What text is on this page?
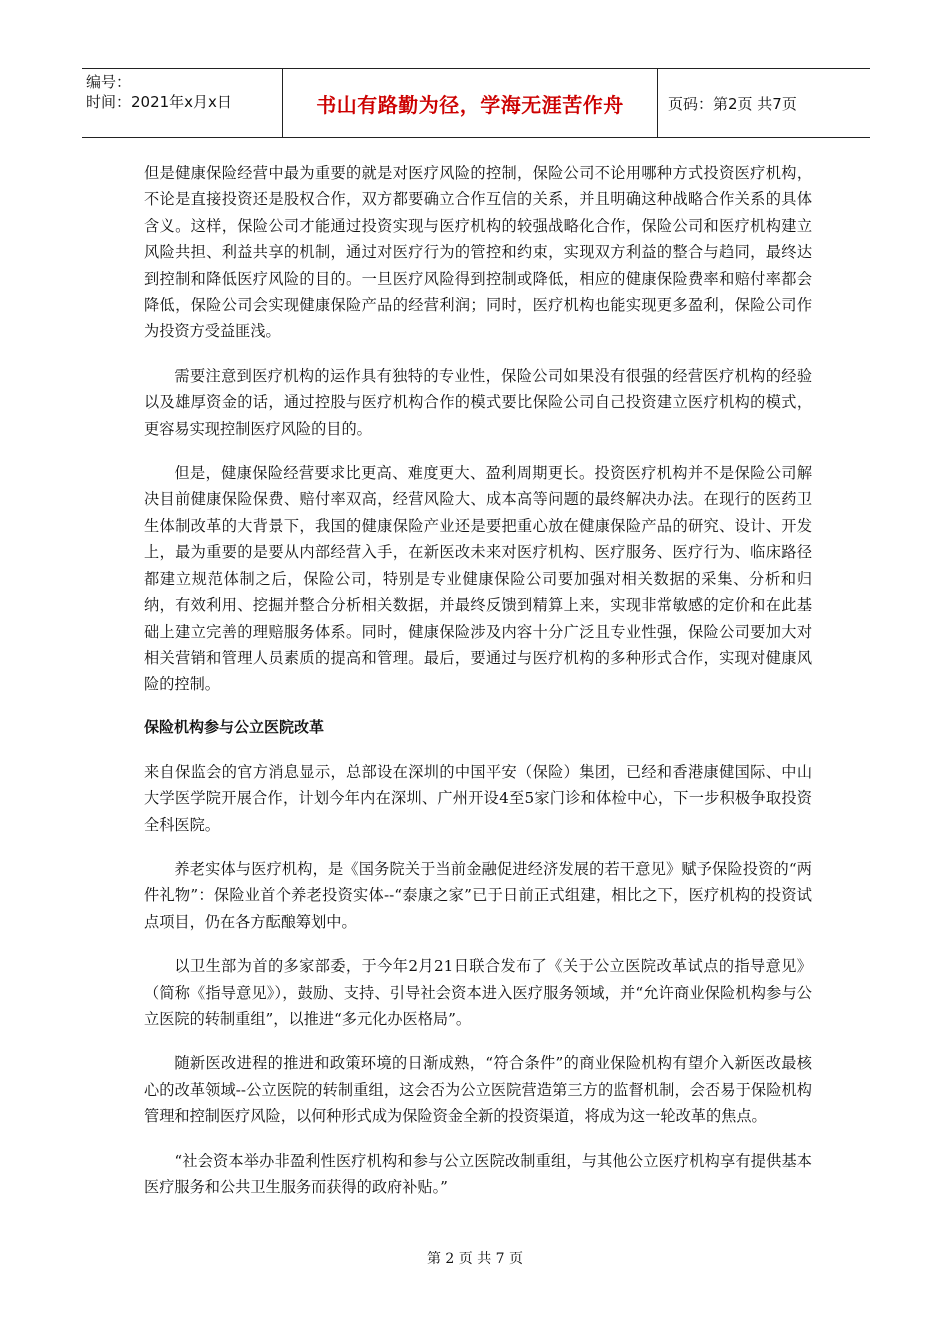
编号：
时间：2021年x月x日	书山有路勤为径，学海无涯苦作舟	页码：第2页 共7页

但是健康保险经营中最为重要的就是对医疗风险的控制，保险公司不论用哪种方式投资医疗机构，不论是直接投资还是股权合作，双方都要确立合作互信的关系，并且明确这种战略合作关系的具体含义。这样，保险公司才能通过投资实现与医疗机构的较强战略化合作，保险公司和医疗机构建立风险共担、利益共享的机制，通过对医疗行为的管控和约束，实现双方利益的整合与趋同，最终达到控制和降低医疗风险的目的。一旦医疗风险得到控制或降低，相应的健康保险费率和赔付率都会降低，保险公司会实现健康保险产品的经营利润；同时，医疗机构也能实现更多盈利，保险公司作为投资方受益匪浅。

需要注意到医疗机构的运作具有独特的专业性，保险公司如果没有很强的经营医疗机构的经验以及雄厚资金的话，通过控股与医疗机构合作的模式要比保险公司自己投资建立医疗机构的模式，更容易实现控制医疗风险的目的。

但是，健康保险经营要求比更高、难度更大、盈利周期更长。投资医疗机构并不是保险公司解决目前健康保险保费、赔付率双高，经营风险大、成本高等问题的最终解决办法。在现行的医药卫生体制改革的大背景下，我国的健康保险产业还是要把重心放在健康保险产品的研究、设计、开发上，最为重要的是要从内部经营入手，在新医改未来对医疗机构、医疗服务、医疗行为、临床路径都建立规范体制之后，保险公司，特别是专业健康保险公司要加强对相关数据的采集、分析和归纳，有效利用、挖掘并整合分析相关数据，并最终反馈到精算上来，实现非常敏感的定价和在此基础上建立完善的理赔服务体系。同时，健康保险涉及内容十分广泛且专业性强，保险公司要加大对相关营销和管理人员素质的提高和管理。最后，要通过与医疗机构的多种形式合作，实现对健康风险的控制。

保险机构参与公立医院改革

来自保监会的官方消息显示，总部设在深圳的中国平安（保险）集团，已经和香港康健国际、中山大学医学院开展合作，计划今年内在深圳、广州开设4至5家门诊和体检中心，下一步积极争取投资全科医院。

养老实体与医疗机构，是《国务院关于当前金融促进经济发展的若干意见》赋予保险投资的“两件礼物”：保险业首个养老投资实体--“泰康之家”已于日前正式组建，相比之下，医疗机构的投资试点项目，仍在各方酝酿筹划中。

以卫生部为首的多家部委，于今年2月21日联合发布了《关于公立医院改革试点的指导意见》（简称《指导意见》），鼓励、支持、引导社会资本进入医疗服务领域，并“允许商业保险机构参与公立医院的转制重组”，以推进“多元化办医格局”。

随新医改进程的推进和政策环境的日渐成熟，“符合条件”的商业保险机构有望介入新医改最核心的改革领域--公立医院的转制重组，这会否为公立医院营造第三方的监督机制，会否易于保险机构管理和控制医疗风险，以何种形式成为保险资金全新的投资渠道，将成为这一轮改革的焦点。

“社会资本举办非盈利性医疗机构和参与公立医院改制重组，与其他公立医疗机构享有提供基本医疗服务和公共卫生服务而获得的政府补贴。”

第 2 页 共 7 页
